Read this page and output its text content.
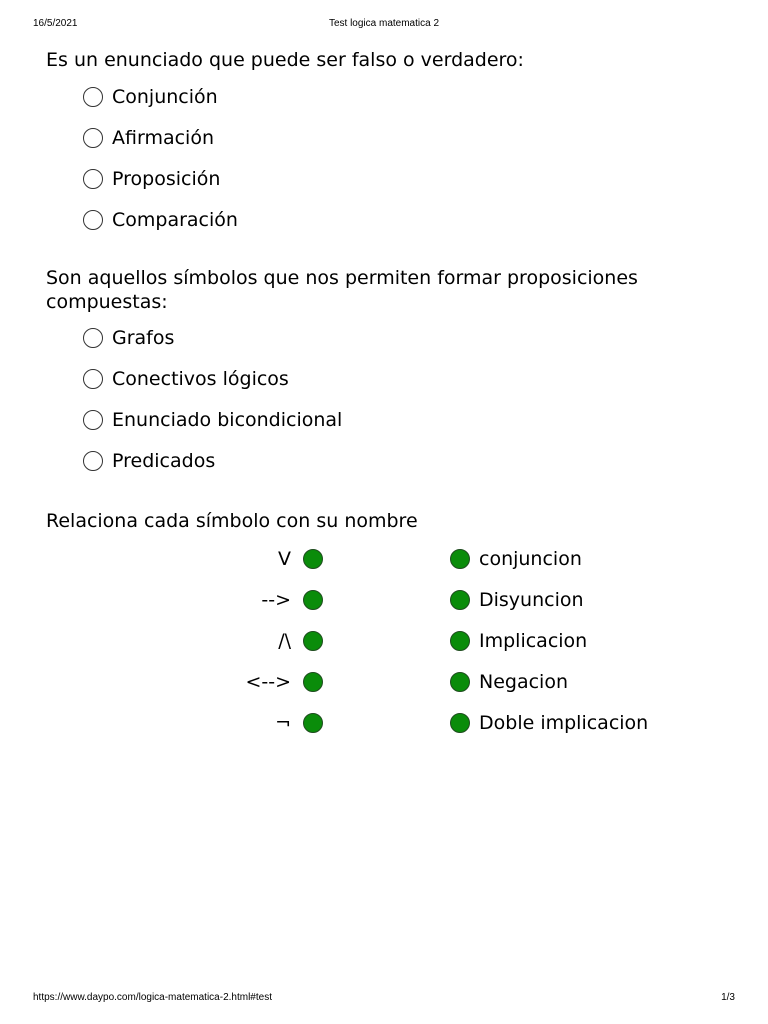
16/5/2021	Test logica matematica 2
Es un enunciado que puede ser falso o verdadero:
Conjunción
Afirmación
Proposición
Comparación
Son aquellos símbolos que nos permiten formar proposiciones compuestas:
Grafos
Conectivos lógicos
Enunciado bicondicional
Predicados
Relaciona cada símbolo con su nombre
V
-->
/\
<-->
¬
conjuncion
Disyuncion
Implicacion
Negacion
Doble implicacion
https://www.daypo.com/logica-matematica-2.html#test	1/3
